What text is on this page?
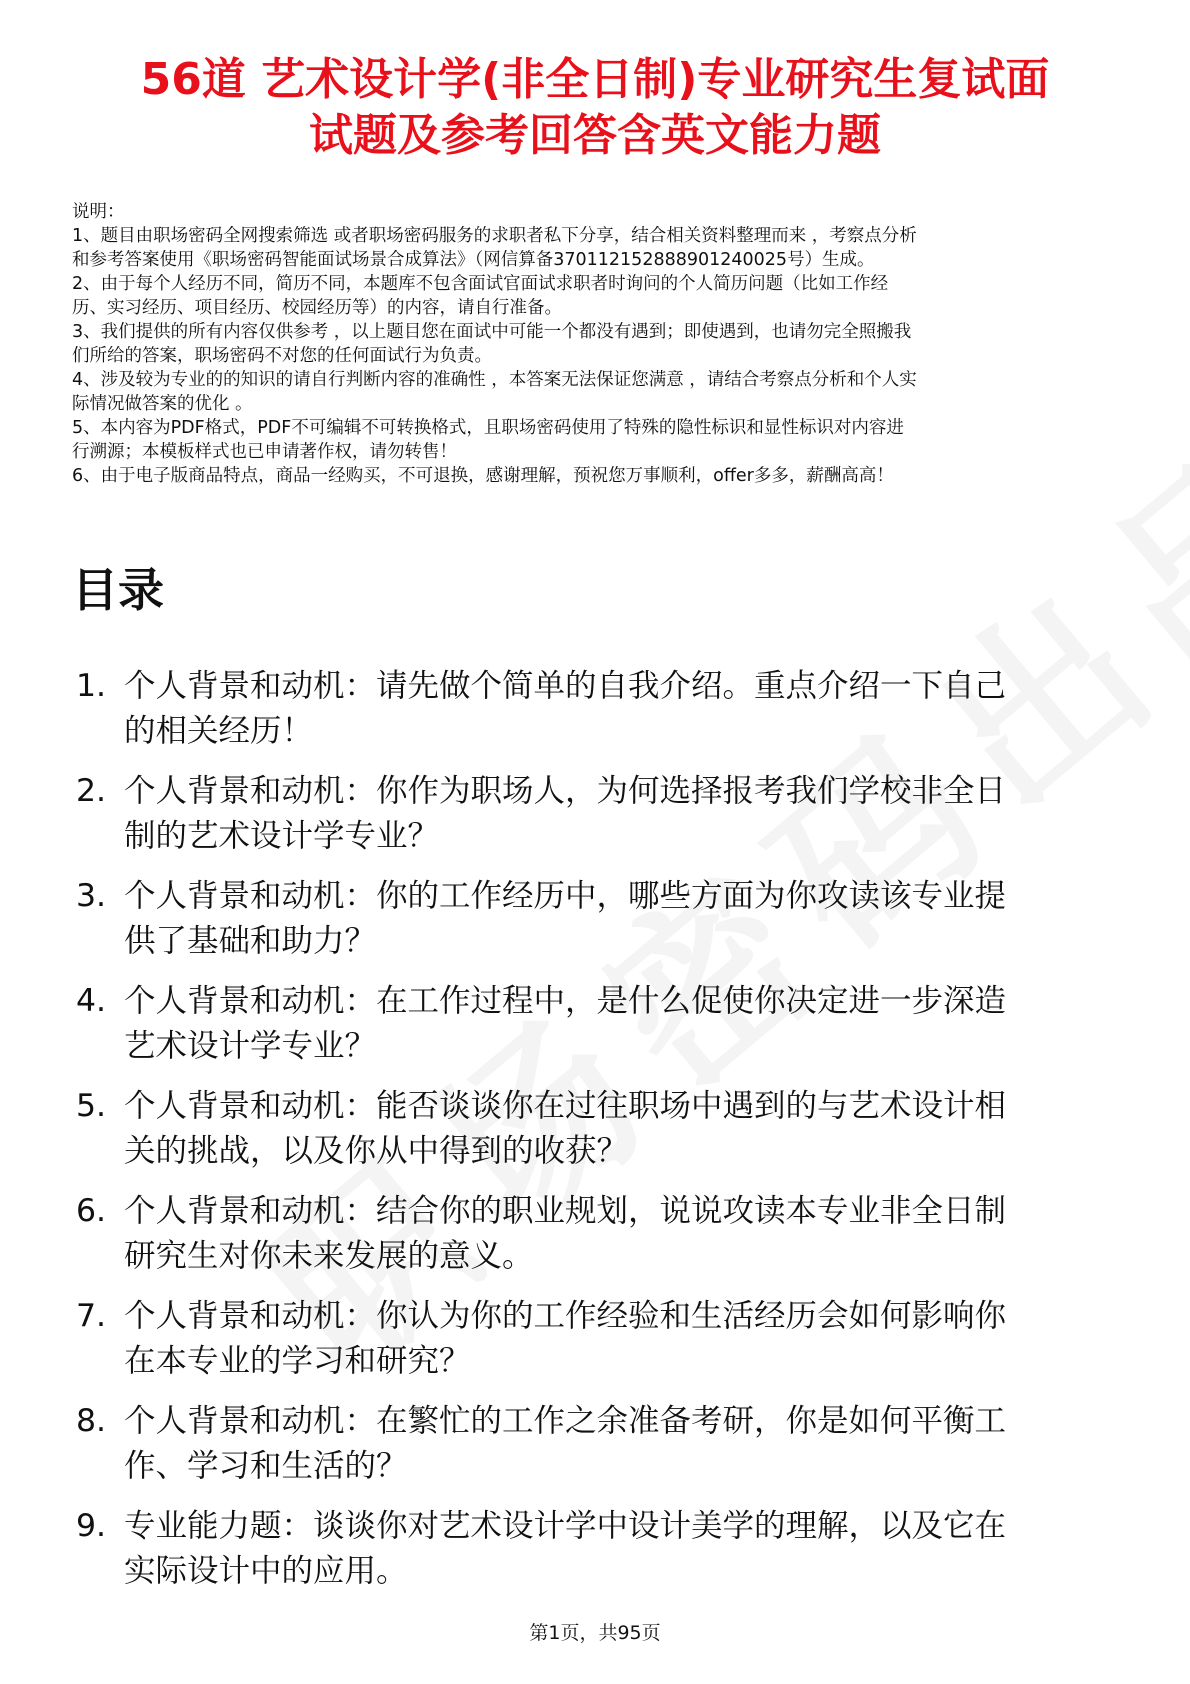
56道 艺术设计学(非全日制)专业研究生复试面
试题及参考回答含英文能力题
说明：
1、题目由职场密码全网搜索筛选 或者职场密码服务的求职者私下分享，结合相关资料整理而来 ，考察点分析
和参考答案使用《职场密码智能面试场景合成算法》（网信算备370112152888901240025号）生成。
2、由于每个人经历不同，简历不同，本题库不包含面试官面试求职者时询问的个人简历问题（比如工作经
历、实习经历、项目经历、校园经历等）的内容，请自行准备。
3、我们提供的所有内容仅供参考 ，以上题目您在面试中可能一个都没有遇到；即使遇到，也请勿完全照搬我
们所给的答案，职场密码不对您的任何面试行为负责。
4、涉及较为专业的的知识的请自行判断内容的准确性 ，本答案无法保证您满意 ，请结合考察点分析和个人实
际情况做答案的优化 。
5、本内容为PDF格式，PDF不可编辑不可转换格式，且职场密码使用了特殊的隐性标识和显性标识对内容进
行溯源；本模板样式也已申请著作权，请勿转售！
6、由于电子版商品特点，商品一经购买，不可退换，感谢理解，预祝您万事顺利，offer多多，薪酬高高！
目录
1. 个人背景和动机：请先做个简单的自我介绍。重点介绍一下自己
的相关经历！
2. 个人背景和动机：你作为职场人，为何选择报考我们学校非全日
制的艺术设计学专业？
3. 个人背景和动机：你的工作经历中，哪些方面为你攻读该专业提
供了基础和助力？
4. 个人背景和动机：在工作过程中，是什么促使你决定进一步深造
艺术设计学专业？
5. 个人背景和动机：能否谈谈你在过往职场中遇到的与艺术设计相
关的挑战，以及你从中得到的收获？
6. 个人背景和动机：结合你的职业规划，说说攻读本专业非全日制
研究生对你未来发展的意义。
7. 个人背景和动机：你认为你的工作经验和生活经历会如何影响你
在本专业的学习和研究？
8. 个人背景和动机：在繁忙的工作之余准备考研，你是如何平衡工
作、学习和生活的？
9. 专业能力题：谈谈你对艺术设计学中设计美学的理解，以及它在
实际设计中的应用。
第1页，共95页
